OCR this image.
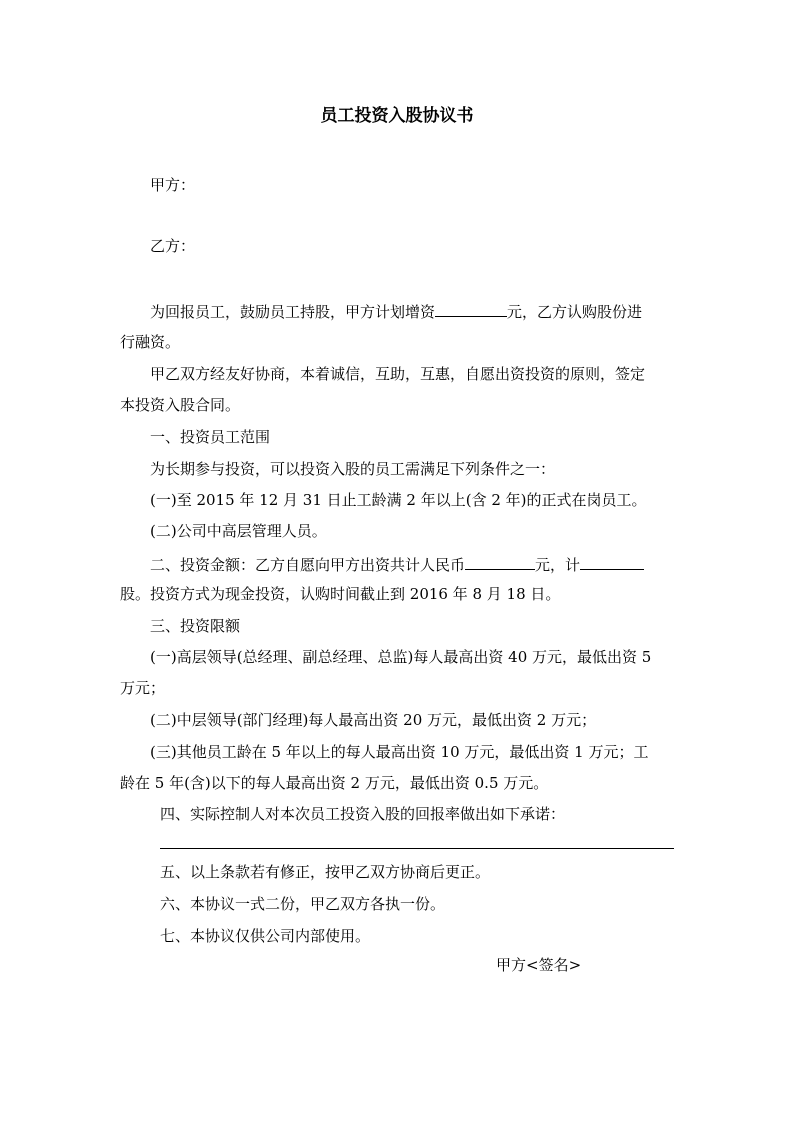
员工投资入股协议书
甲方：
乙方：
为回报员工，鼓励员工持股，甲方计划增资	元，乙方认购股份进
行融资。
甲乙双方经友好协商，本着诚信，互助，互惠，自愿出资投资的原则，签定
本投资入股合同。
一、投资员工范围
为长期参与投资，可以投资入股的员工需满足下列条件之一：
(一)至 2015 年 12 月 31 日止工龄满 2 年以上(含 2 年)的正式在岗员工。
(二)公司中高层管理人员。
二、投资金额：乙方自愿向甲方出资共计人民币	元，计
股。投资方式为现金投资，认购时间截止到 2016 年 8 月 18 日。
三、投资限额
(一)高层领导(总经理、副总经理、总监)每人最高出资 40 万元，最低出资 5
万元；
(二)中层领导(部门经理)每人最高出资 20 万元，最低出资 2 万元；
(三)其他员工龄在 5 年以上的每人最高出资 10 万元，最低出资 1 万元；工
龄在 5 年(含)以下的每人最高出资 2 万元，最低出资 0.5 万元。
四、实际控制人对本次员工投资入股的回报率做出如下承诺：
五、以上条款若有修正，按甲乙双方协商后更正。
六、本协议一式二份，甲乙双方各执一份。
七、本协议仅供公司内部使用。
甲方<签名>
